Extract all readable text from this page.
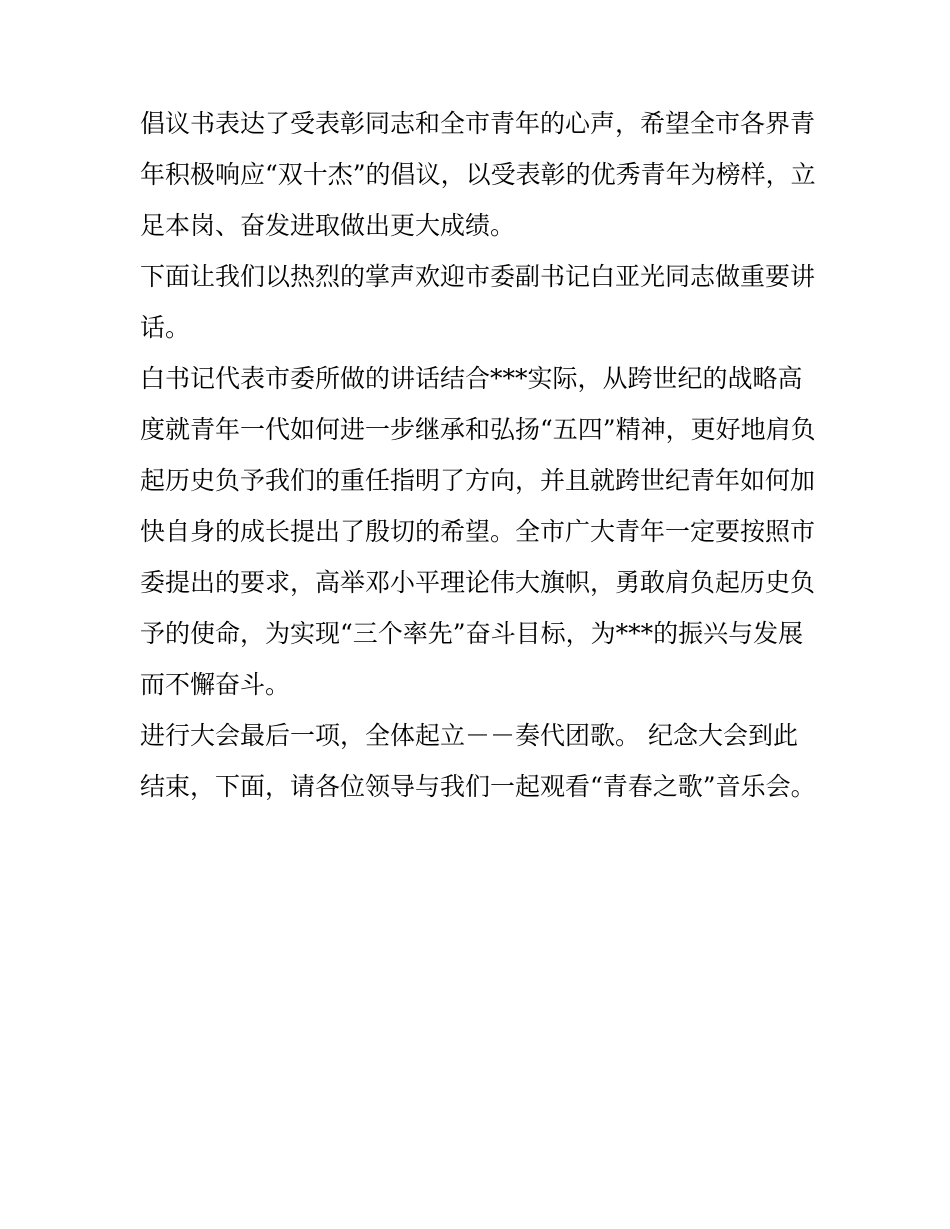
倡议书表达了受表彰同志和全市青年的心声，希望全市各界青
年积极响应“双十杰”的倡议，以受表彰的优秀青年为榜样，立
足本岗、奋发进取做出更大成绩。
下面让我们以热烈的掌声欢迎市委副书记白亚光同志做重要讲
话。
白书记代表市委所做的讲话结合***实际，从跨世纪的战略高
度就青年一代如何进一步继承和弘扬“五四”精神，更好地肩负
起历史负予我们的重任指明了方向，并且就跨世纪青年如何加
快自身的成长提出了殷切的希望。全市广大青年一定要按照市
委提出的要求，高举邓小平理论伟大旗帜，勇敢肩负起历史负
予的使命，为实现“三个率先”奋斗目标，为***的振兴与发展
而不懈奋斗。
进行大会最后一项，全体起立－－奏代团歌。 纪念大会到此
结束，下面，请各位领导与我们一起观看“青春之歌”音乐会。
